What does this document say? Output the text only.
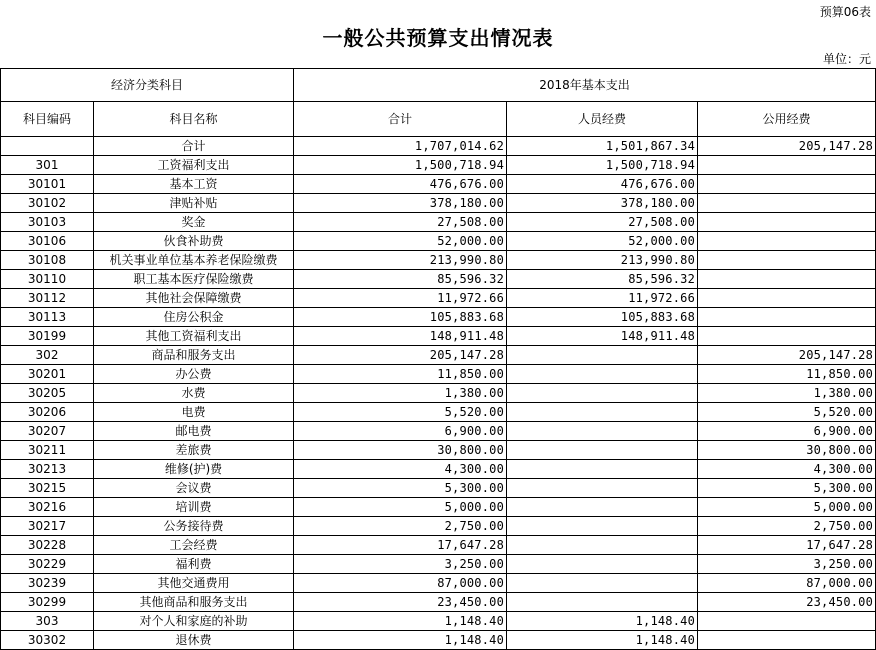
预算06表
一般公共预算支出情况表
单位：元
经济分类科目		2018年基本支出		
科目编码	科目名称	合计	人员经费	公用经费
	合计	1,707,014.62	1,501,867.34	205,147.28
301	工资福利支出	1,500,718.94	1,500,718.94	
30101	基本工资	476,676.00	476,676.00	
30102	津贴补贴	378,180.00	378,180.00	
30103	奖金	27,508.00	27,508.00	
30106	伙食补助费	52,000.00	52,000.00	
30108	机关事业单位基本养老保险缴费	213,990.80	213,990.80	
30110	职工基本医疗保险缴费	85,596.32	85,596.32	
30112	其他社会保障缴费	11,972.66	11,972.66	
30113	住房公积金	105,883.68	105,883.68	
30199	其他工资福利支出	148,911.48	148,911.48	
302	商品和服务支出	205,147.28		205,147.28
30201	办公费	11,850.00		11,850.00
30205	水费	1,380.00		1,380.00
30206	电费	5,520.00		5,520.00
30207	邮电费	6,900.00		6,900.00
30211	差旅费	30,800.00		30,800.00
30213	维修(护)费	4,300.00		4,300.00
30215	会议费	5,300.00		5,300.00
30216	培训费	5,000.00		5,000.00
30217	公务接待费	2,750.00		2,750.00
30228	工会经费	17,647.28		17,647.28
30229	福利费	3,250.00		3,250.00
30239	其他交通费用	87,000.00		87,000.00
30299	其他商品和服务支出	23,450.00		23,450.00
303	对个人和家庭的补助	1,148.40	1,148.40	
30302	退休费	1,148.40	1,148.40	
